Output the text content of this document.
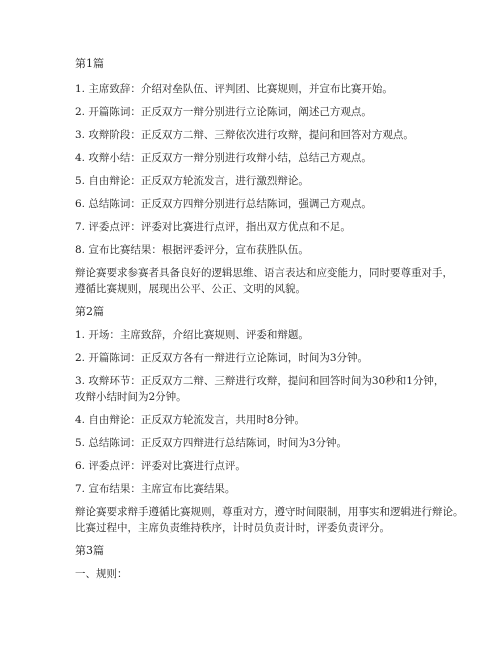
第1篇
1. 主席致辞：介绍对垒队伍、评判团、比赛规则，并宣布比赛开始。
2. 开篇陈词：正反双方一辩分别进行立论陈词，阐述己方观点。
3. 攻辩阶段：正反双方二辩、三辩依次进行攻辩，提问和回答对方观点。
4. 攻辩小结：正反双方一辩分别进行攻辩小结，总结己方观点。
5. 自由辩论：正反双方轮流发言，进行激烈辩论。
6. 总结陈词：正反双方四辩分别进行总结陈词，强调己方观点。
7. 评委点评：评委对比赛进行点评，指出双方优点和不足。
8. 宣布比赛结果：根据评委评分，宣布获胜队伍。
辩论赛要求参赛者具备良好的逻辑思维、语言表达和应变能力，同时要尊重对手，
遵循比赛规则，展现出公平、公正、文明的风貌。
第2篇
1. 开场：主席致辞，介绍比赛规则、评委和辩题。
2. 开篇陈词：正反双方各有一辩进行立论陈词，时间为3分钟。
3. 攻辩环节：正反双方二辩、三辩进行攻辩，提问和回答时间为30秒和1分钟，
攻辩小结时间为2分钟。
4. 自由辩论：正反双方轮流发言，共用时8分钟。
5. 总结陈词：正反双方四辩进行总结陈词，时间为3分钟。
6. 评委点评：评委对比赛进行点评。
7. 宣布结果：主席宣布比赛结果。
辩论赛要求辩手遵循比赛规则，尊重对方，遵守时间限制，用事实和逻辑进行辩论。
比赛过程中，主席负责维持秩序，计时员负责计时，评委负责评分。
第3篇
一、规则：
